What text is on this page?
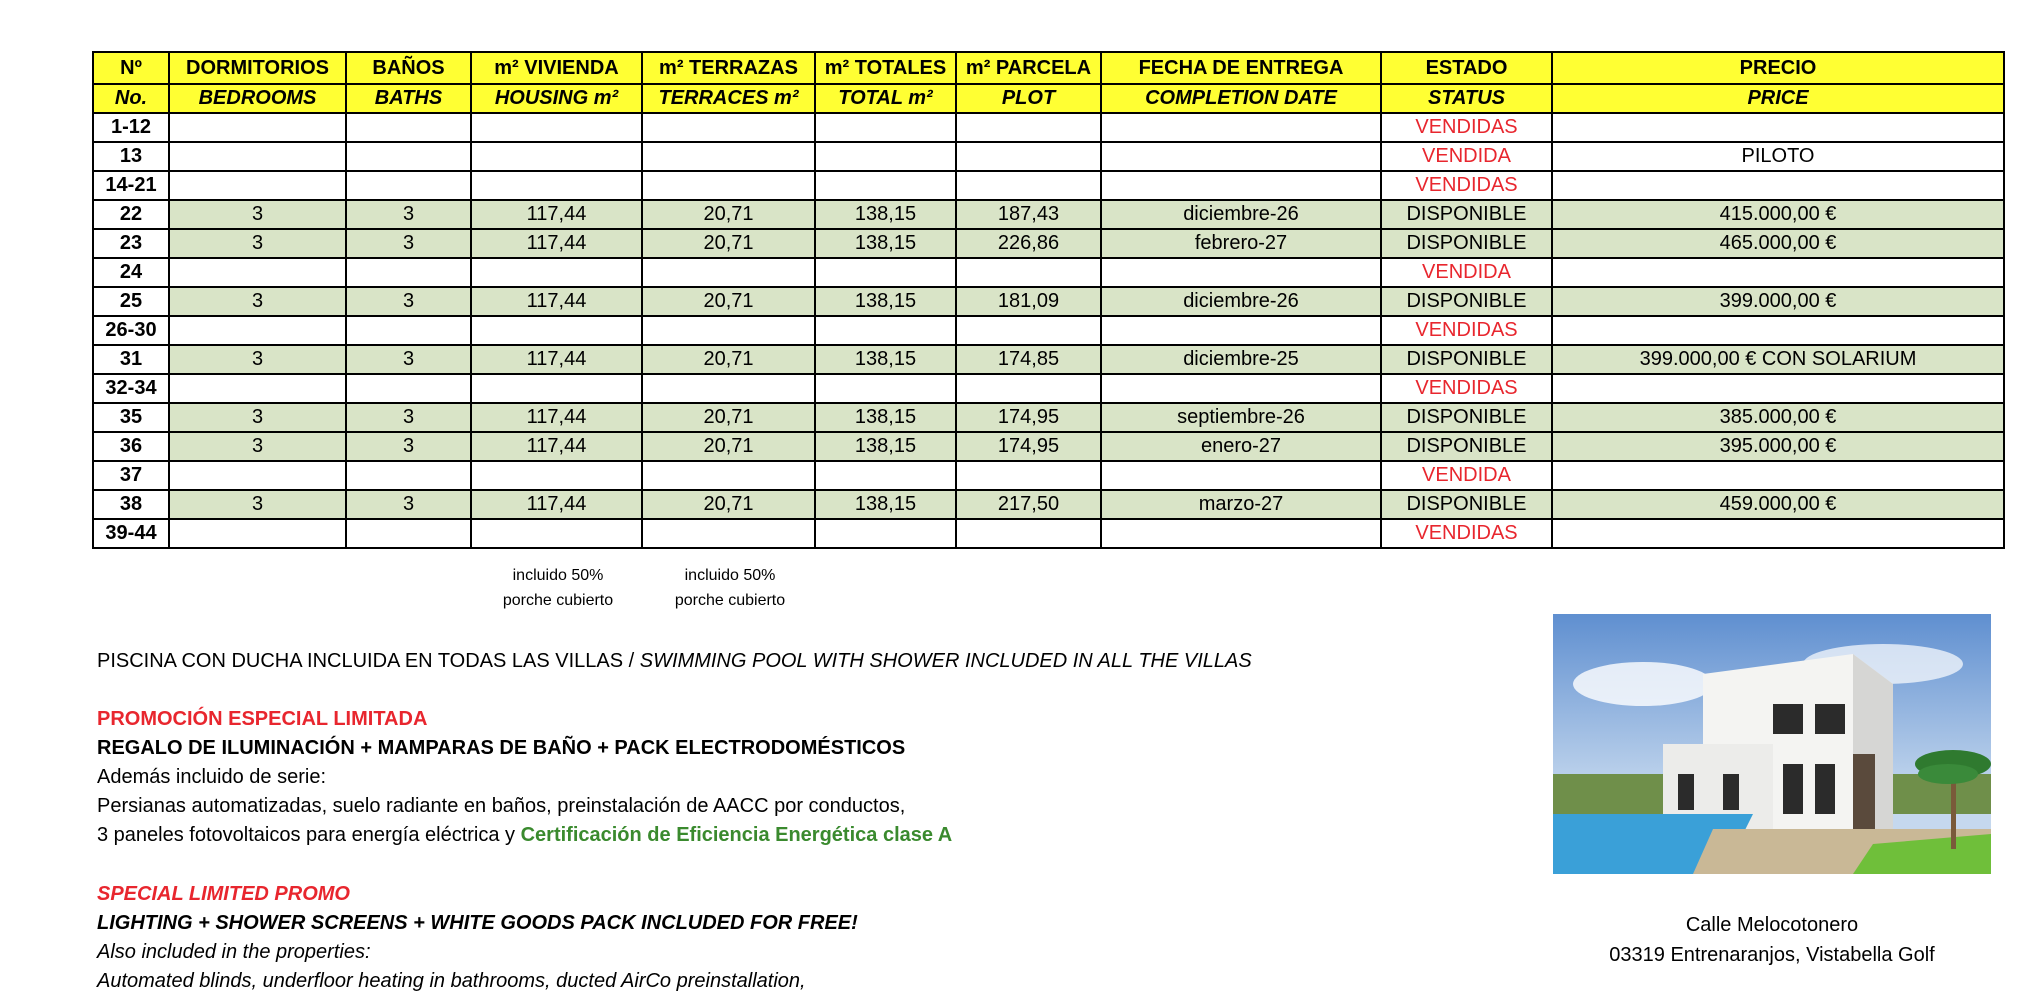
Nº	DORMITORIOS	BAÑOS	m² VIVIENDA	m² TERRAZAS	m² TOTALES	m² PARCELA	FECHA DE ENTREGA	ESTADO	PRECIO
No.	BEDROOMS	BATHS	HOUSING m²	TERRACES m²	TOTAL m²	PLOT	COMPLETION DATE	STATUS	PRICE
1-12								VENDIDAS	
13								VENDIDA	PILOTO
14-21								VENDIDAS	
22	3	3	117,44	20,71	138,15	187,43	diciembre-26	DISPONIBLE	415.000,00 €
23	3	3	117,44	20,71	138,15	226,86	febrero-27	DISPONIBLE	465.000,00 €
24								VENDIDA	
25	3	3	117,44	20,71	138,15	181,09	diciembre-26	DISPONIBLE	399.000,00 €
26-30								VENDIDAS	
31	3	3	117,44	20,71	138,15	174,85	diciembre-25	DISPONIBLE	399.000,00 € CON SOLARIUM
32-34								VENDIDAS	
35	3	3	117,44	20,71	138,15	174,95	septiembre-26	DISPONIBLE	385.000,00 €
36	3	3	117,44	20,71	138,15	174,95	enero-27	DISPONIBLE	395.000,00 €
37								VENDIDA	
38	3	3	117,44	20,71	138,15	217,50	marzo-27	DISPONIBLE	459.000,00 €
39-44								VENDIDAS	
incluido 50%
porche cubierto
incluido 50%
porche cubierto
PISCINA CON DUCHA INCLUIDA EN TODAS LAS VILLAS / SWIMMING POOL WITH SHOWER INCLUDED IN ALL THE VILLAS
PROMOCIÓN ESPECIAL LIMITADA
REGALO DE ILUMINACIÓN + MAMPARAS DE BAÑO + PACK ELECTRODOMÉSTICOS
Además incluido de serie:
Persianas automatizadas, suelo radiante en baños, preinstalación de AACC por conductos,
3 paneles fotovoltaicos para energía eléctrica y Certificación de Eficiencia Energética clase A
SPECIAL LIMITED PROMO
LIGHTING + SHOWER SCREENS + WHITE GOODS PACK INCLUDED FOR FREE!
Also included in the properties:
Automated blinds, underfloor heating in bathrooms, ducted AirCo preinstallation,
Calle Melocotonero
03319 Entrenaranjos, Vistabella Golf
